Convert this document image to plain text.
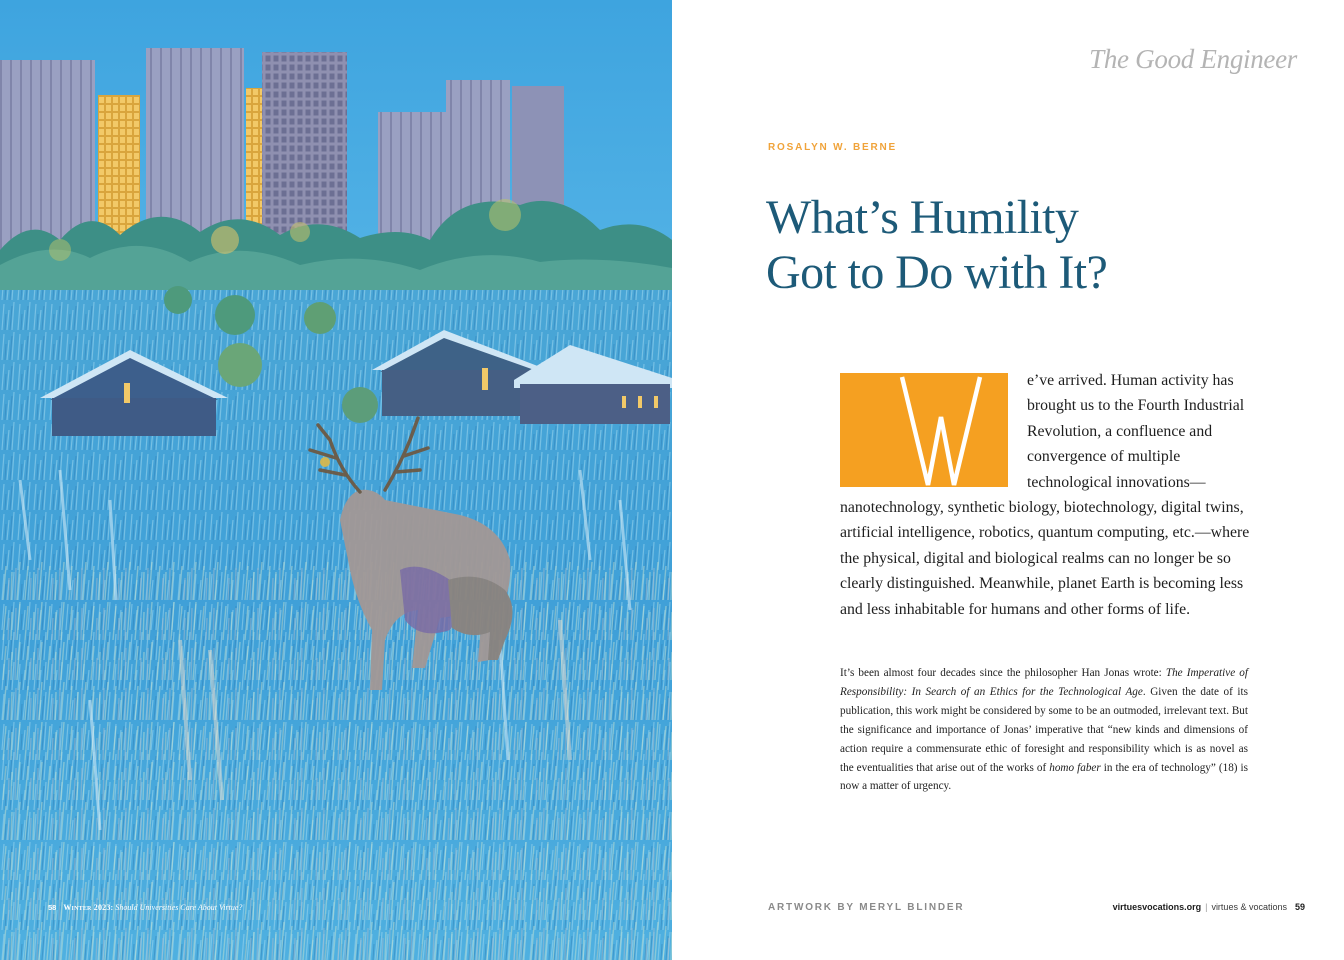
58 Winter 2023: Should Universities Care About Virtue?
The Good Engineer
ROSALYN W. BERNE
What’s Humility
Got to Do with It?

e’ve arrived. Human activity has brought us to the Fourth Industrial Revolution, a confluence and convergence of multiple technological innovations—nanotechnology, synthetic biology, biotechnology, digital twins, artificial intelligence, robotics, quantum computing, etc.—where the physical, digital and biological realms can no longer be so clearly distinguished. Meanwhile, planet Earth is becoming less and less inhabitable for humans and other forms of life.

It’s been almost four decades since the philosopher Han Jonas wrote: The Imperative of Responsibility: In Search of an Ethics for the Technological Age. Given the date of its publication, this work might be considered by some to be an outmoded, irrelevant text. But the significance and importance of Jonas’ imperative that “new kinds and dimensions of action require a commensurate ethic of foresight and responsibility which is as novel as the eventualities that arise out of the works of homo faber in the era of technology” (18) is now a matter of urgency.

ARTWORK BY MERYL BLINDER	virtuesvocations.org | virtues & vocations 59
